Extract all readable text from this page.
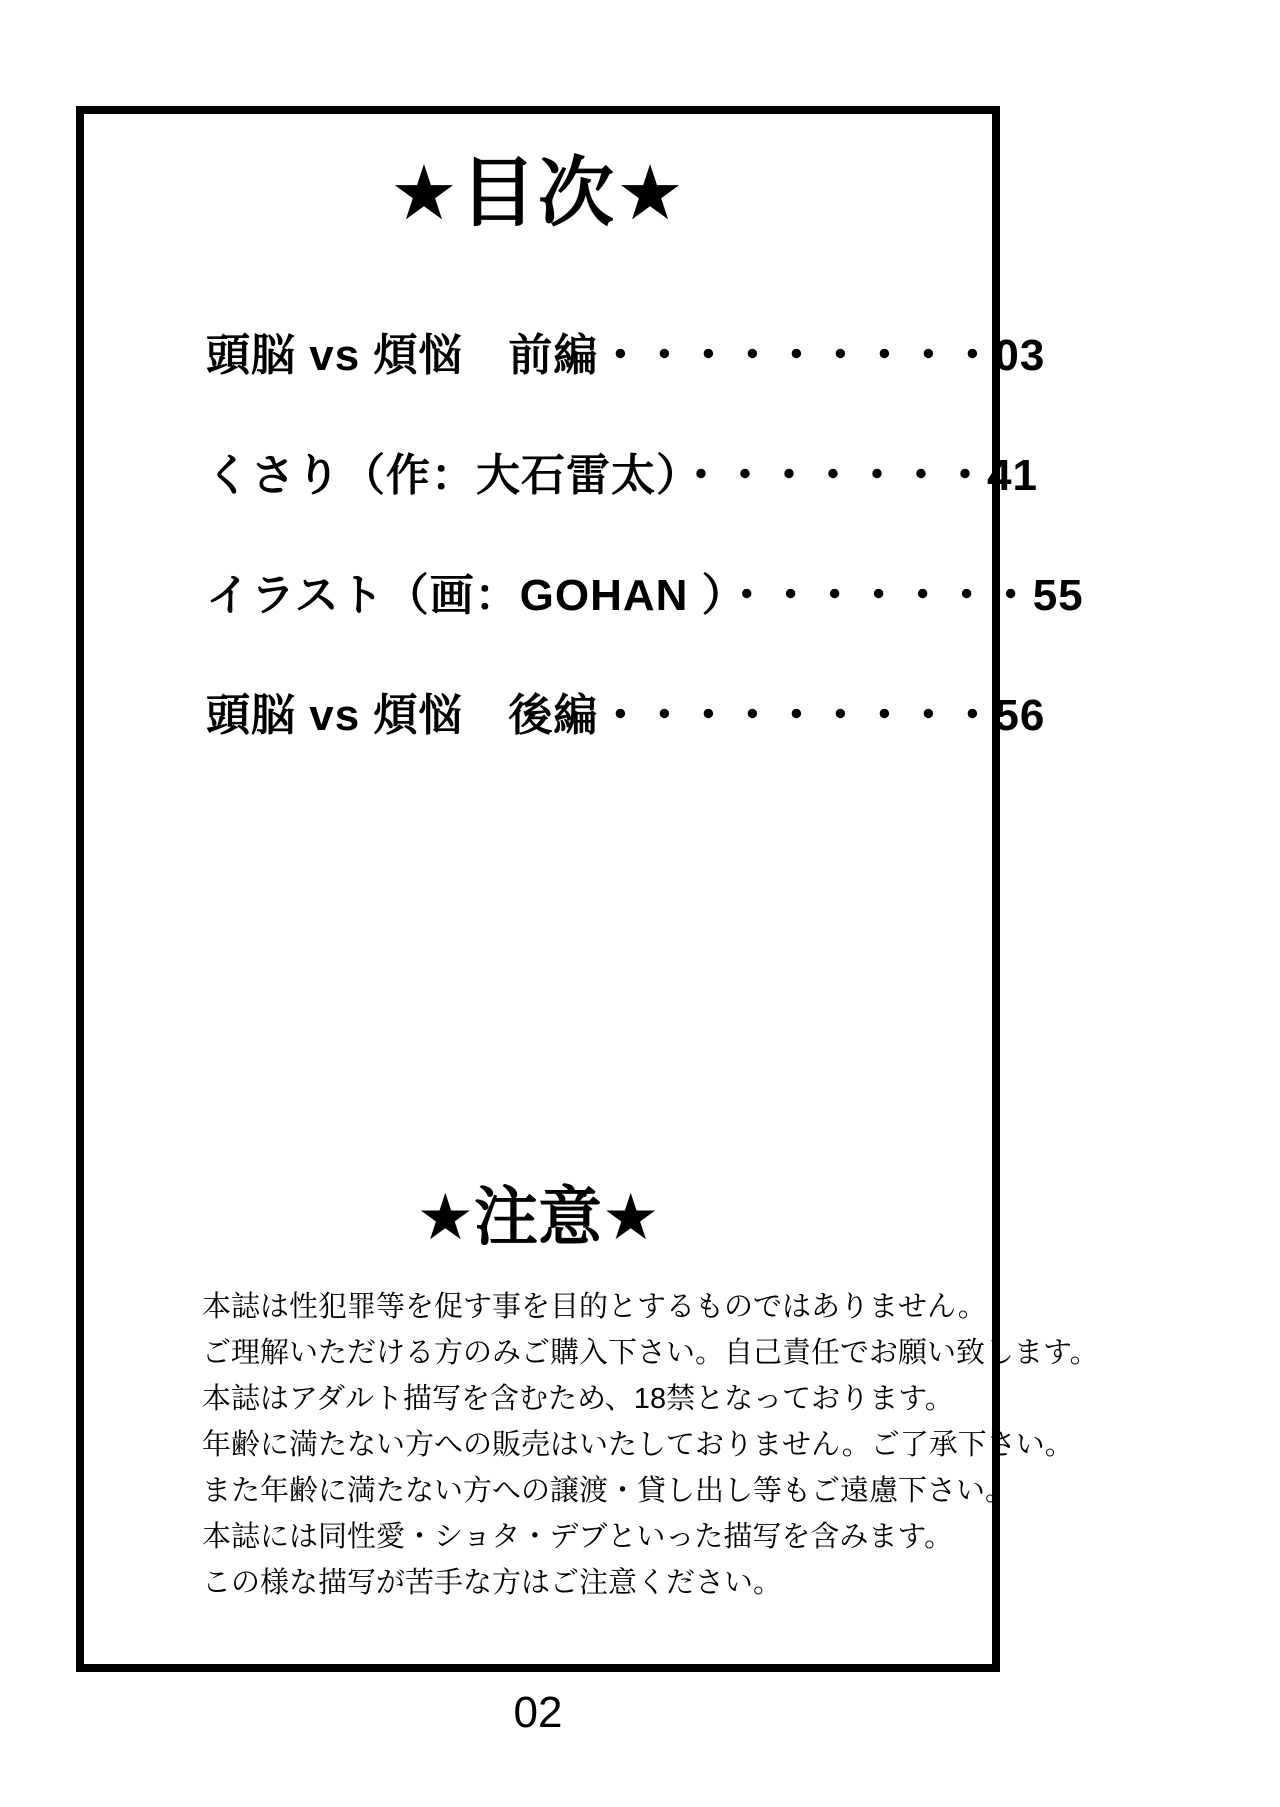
★目次★
頭脳 vs 煩悩　前編・・・・・・・・・03
くさり（作：大石雷太）・・・・・・・41
イラスト（画：GOHAN ）・・・・・・・55
頭脳 vs 煩悩　後編・・・・・・・・・56
★注意★
本誌は性犯罪等を促す事を目的とするものではありません。
ご理解いただける方のみご購入下さい。自己責任でお願い致します。
本誌はアダルト描写を含むため、18禁となっております。
年齢に満たない方への販売はいたしておりません。ご了承下さい。
また年齢に満たない方への譲渡・貸し出し等もご遠慮下さい。
本誌には同性愛・ショタ・デブといった描写を含みます。
この様な描写が苦手な方はご注意ください。
02
